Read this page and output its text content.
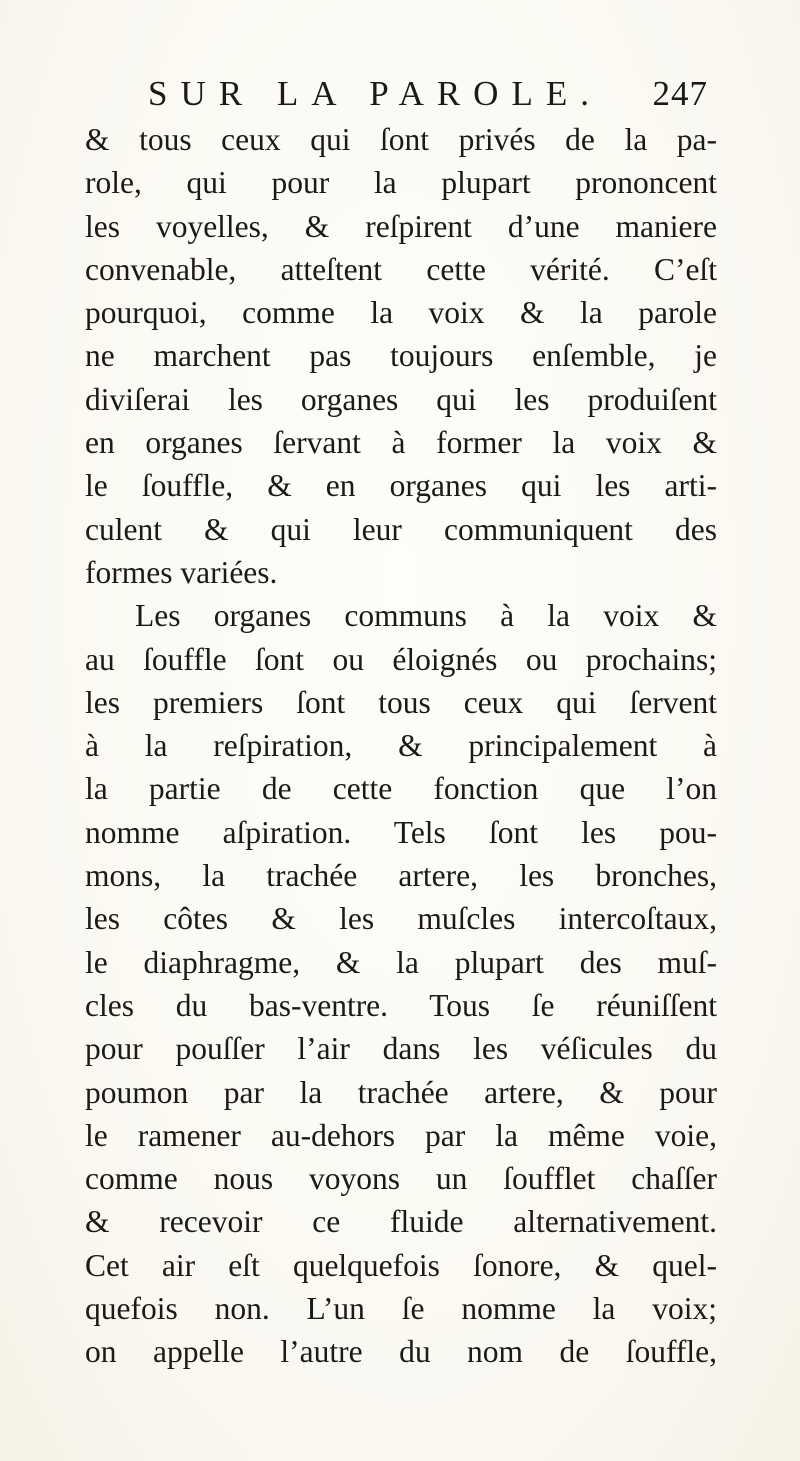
SUR LA PAROLE. 247
& tous ceux qui ſont privés de la pa-
role, qui pour la plupart prononcent
les voyelles, & reſpirent d’une maniere
convenable, atteſtent cette vérité. C’eſt
pourquoi, comme la voix & la parole
ne marchent pas toujours enſemble, je
diviſerai les organes qui les produiſent
en organes ſervant à former la voix &
le ſouffle, & en organes qui les arti-
culent & qui leur communiquent des
formes variées.
Les organes communs à la voix &
au ſouffle ſont ou éloignés ou prochains;
les premiers ſont tous ceux qui ſervent
à la reſpiration, & principalement à
la partie de cette fonction que l’on
nomme aſpiration. Tels ſont les pou-
mons, la trachée artere, les bronches,
les côtes & les muſcles intercoſtaux,
le diaphragme, & la plupart des muſ-
cles du bas-ventre. Tous ſe réuniſſent
pour pouſſer l’air dans les véſicules du
poumon par la trachée artere, & pour
le ramener au-dehors par la même voie,
comme nous voyons un ſoufflet chaſſer
& recevoir ce fluide alternativement.
Cet air eſt quelquefois ſonore, & quel-
quefois non. L’un ſe nomme la voix;
on appelle l’autre du nom de ſouffle,
